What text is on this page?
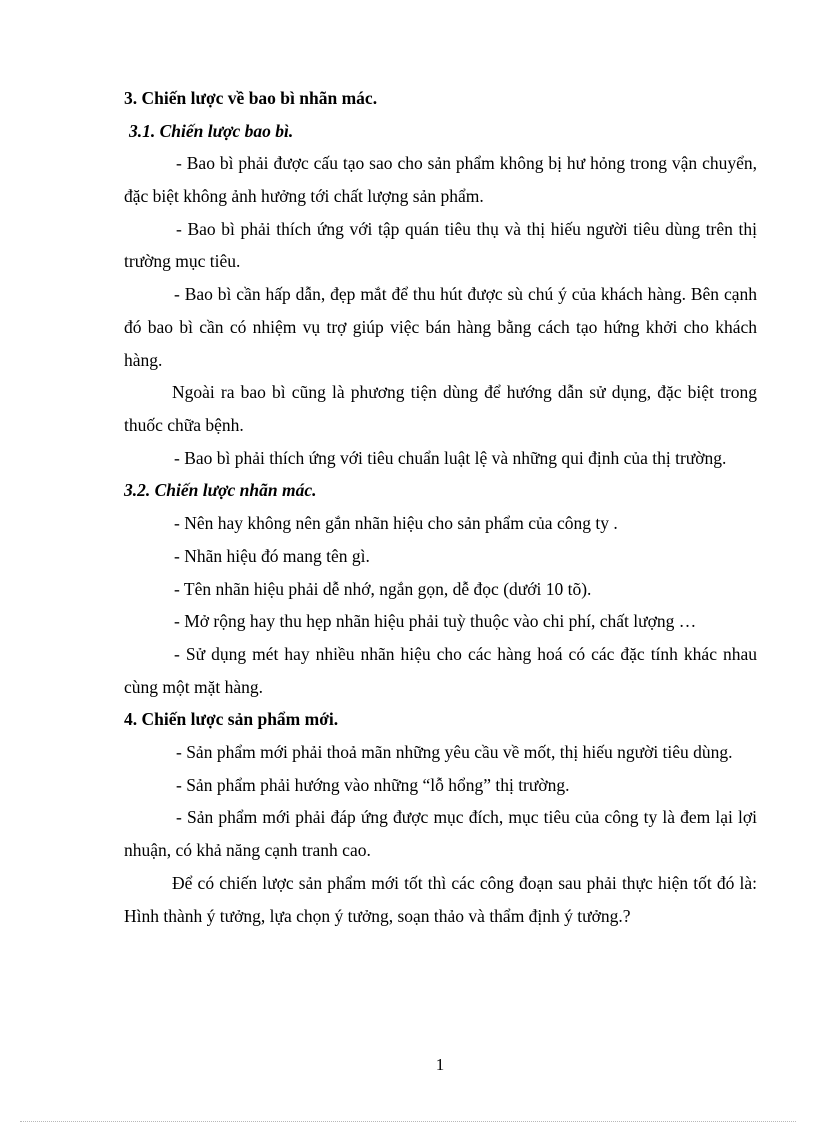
3. Chiến lược về bao bì nhãn mác.

3.1. Chiến lược bao bì.

- Bao bì phải được cấu tạo sao cho sản phẩm không bị hư hỏng trong vận chuyển, đặc biệt không ảnh hưởng tới chất lượng sản phẩm.

- Bao bì phải thích ứng với tập quán tiêu thụ và thị hiếu người tiêu dùng trên thị trường mục tiêu.

- Bao bì cần hấp dẫn, đẹp mắt để thu hút được sù chú ý của khách hàng. Bên cạnh đó bao bì cần có nhiệm vụ trợ giúp việc bán hàng bằng cách tạo hứng khởi cho khách hàng.

Ngoài ra bao bì cũng là phương tiện dùng để hướng dẫn sử dụng, đặc biệt trong thuốc chữa bệnh.

- Bao bì phải thích ứng với tiêu chuẩn luật lệ và những qui định của thị trường.

3.2. Chiến lược nhãn mác.

- Nên hay không nên gắn nhãn hiệu cho sản phẩm của công ty .

- Nhãn hiệu đó mang tên gì.

- Tên nhãn hiệu phải dễ nhớ, ngắn gọn, dễ đọc (dưới 10 tõ).

- Mở rộng hay thu hẹp nhãn hiệu phải tuỳ thuộc vào chi phí, chất lượng …

- Sử dụng mét hay nhiều nhãn hiệu cho các hàng hoá có các đặc tính khác nhau cùng một mặt hàng.

4. Chiến lược sản phẩm mới.

- Sản phẩm mới phải thoả mãn những yêu cầu về mốt, thị hiếu người tiêu dùng.

- Sản phẩm phải hướng vào những “lỗ hổng” thị trường.

- Sản phẩm mới phải đáp ứng được mục đích, mục tiêu của công ty là đem lại lợi nhuận, có khả năng cạnh tranh cao.

Để có chiến lược sản phẩm mới tốt thì các công đoạn sau phải thực hiện tốt đó là: Hình thành ý tưởng, lựa chọn ý tưởng, soạn thảo và thẩm định ý tưởng.?

1
